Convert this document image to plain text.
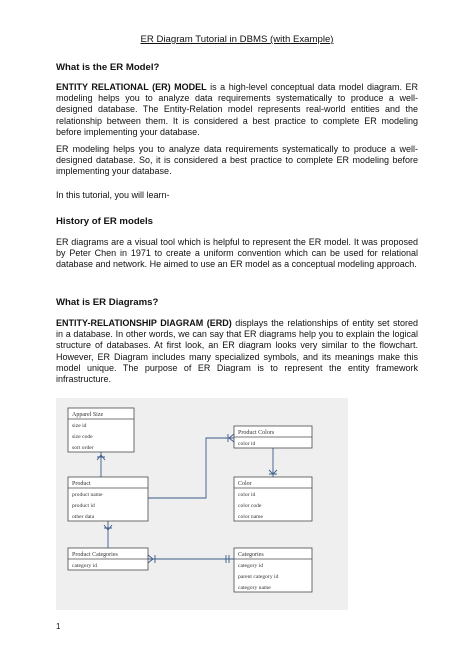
ER Diagram Tutorial in DBMS (with Example)
What is the ER Model?
ENTITY RELATIONAL (ER) MODEL is a high-level conceptual data model diagram. ER modeling helps you to analyze data requirements systematically to produce a well-designed database. The Entity-Relation model represents real-world entities and the relationship between them. It is considered a best practice to complete ER modeling before implementing your database.
ER modeling helps you to analyze data requirements systematically to produce a well-designed database. So, it is considered a best practice to complete ER modeling before implementing your database.
In this tutorial, you will learn-
History of ER models
ER diagrams are a visual tool which is helpful to represent the ER model. It was proposed by Peter Chen in 1971 to create a uniform convention which can be used for relational database and network. He aimed to use an ER model as a conceptual modeling approach.
What is ER Diagrams?
ENTITY-RELATIONSHIP DIAGRAM (ERD) displays the relationships of entity set stored in a database. In other words, we can say that ER diagrams help you to explain the logical structure of databases. At first look, an ER diagram looks very similar to the flowchart. However, ER Diagram includes many specialized symbols, and its meanings make this model unique. The purpose of ER Diagram is to represent the entity framework infrastructure.
Apparel Size
size id
size code
sort order
Product Colors
color id
Product
product name
product id
other data
Color
color id
color code
color name
Product Categories
category id
Categories
category id
parent category id
category name
1
